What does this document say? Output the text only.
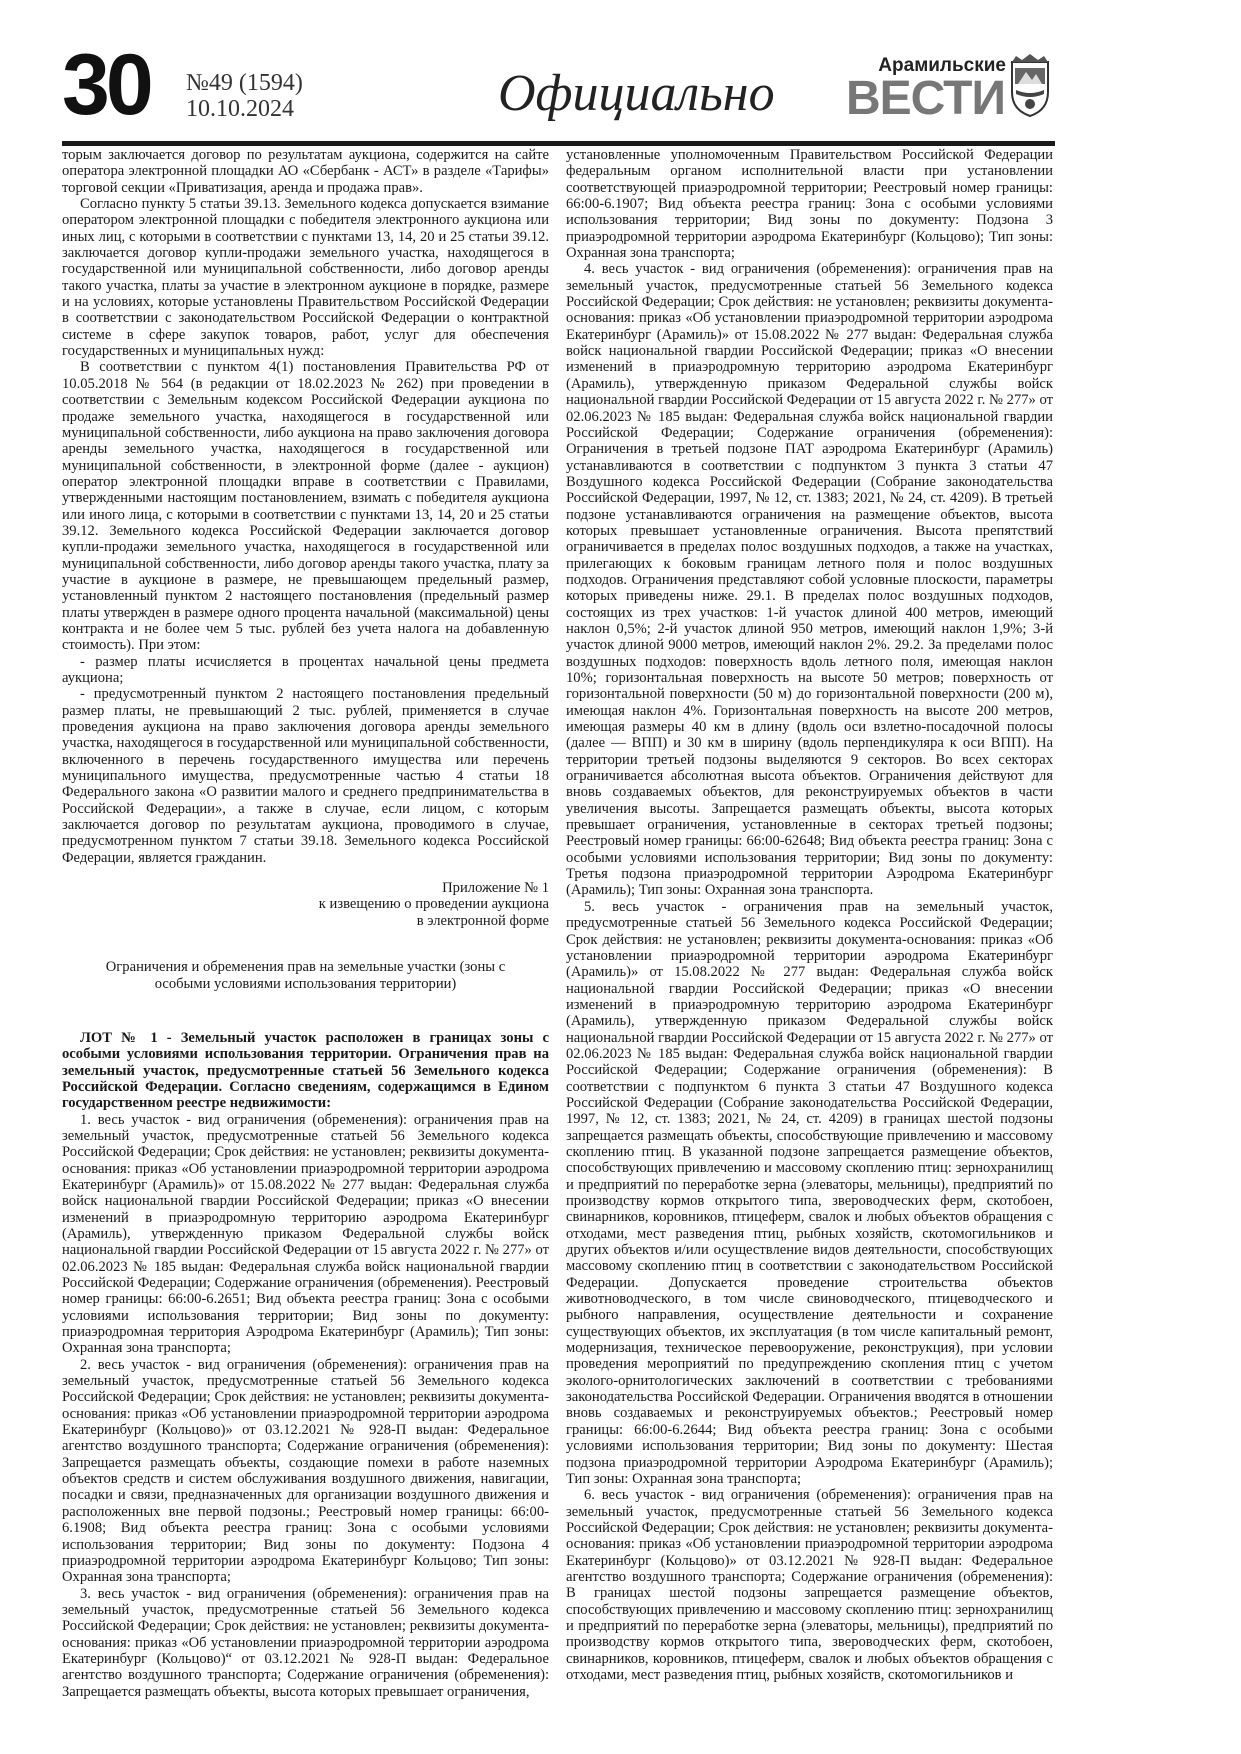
30 №49 (1594)
10.10.2024	Официально	Арамильские
ВЕСТИ

торым заключается договор по результатам аукциона, содержится на сайте оператора электронной площадки АО «Сбербанк - АСТ» в разделе «Тарифы» торговой секции «Приватизация, аренда и продажа прав».

Согласно пункту 5 статьи 39.13. Земельного кодекса допускается взимание оператором электронной площадки с победителя электронного аукциона или иных лиц, с которыми в соответствии с пунктами 13, 14, 20 и 25 статьи 39.12. заключается договор купли-продажи земельного участка, находящегося в государственной или муниципальной собственности, либо договор аренды такого участка, платы за участие в электронном аукционе в порядке, размере и на условиях, которые установлены Правительством Российской Федерации в соответствии с законодательством Российской Федерации о контрактной системе в сфере закупок товаров, работ, услуг для обеспечения государственных и муниципальных нужд:

В соответствии с пунктом 4(1) постановления Правительства РФ от 10.05.2018 № 564 (в редакции от 18.02.2023 № 262) при проведении в соответствии с Земельным кодексом Российской Федерации аукциона по продаже земельного участка, находящегося в государственной или муниципальной собственности, либо аукциона на право заключения договора аренды земельного участка, находящегося в государственной или муниципальной собственности, в электронной форме (далее - аукцион) оператор электронной площадки вправе в соответствии с Правилами, утвержденными настоящим постановлением, взимать с победителя аукциона или иного лица, с которыми в соответствии с пунктами 13, 14, 20 и 25 статьи 39.12. Земельного кодекса Российской Федерации заключается договор купли-продажи земельного участка, находящегося в государственной или муниципальной собственности, либо договор аренды такого участка, плату за участие в аукционе в размере, не превышающем предельный размер, установленный пунктом 2 настоящего постановления (предельный размер платы утвержден в размере одного процента начальной (максимальной) цены контракта и не более чем 5 тыс. рублей без учета налога на добавленную стоимость). При этом:

- размер платы исчисляется в процентах начальной цены предмета аукциона;

- предусмотренный пунктом 2 настоящего постановления предельный размер платы, не превышающий 2 тыс. рублей, применяется в случае проведения аукциона на право заключения договора аренды земельного участка, находящегося в государственной или муниципальной собственности, включенного в перечень государственного имущества или перечень муниципального имущества, предусмотренные частью 4 статьи 18 Федерального закона «О развитии малого и среднего предпринимательства в Российской Федерации», а также в случае, если лицом, с которым заключается договор по результатам аукциона, проводимого в случае, предусмотренном пунктом 7 статьи 39.18. Земельного кодекса Российской Федерации, является гражданин.

Приложение № 1
к извещению о проведении аукциона
в электронной форме

Ограничения и обременения прав на земельные участки (зоны с особыми условиями использования территории)

ЛОТ № 1 - Земельный участок расположен в границах зоны с особыми условиями использования территории. Ограничения прав на земельный участок, предусмотренные статьей 56 Земельного кодекса Российской Федерации. Согласно сведениям, содержащимся в Едином государственном реестре недвижимости:

1. весь участок - вид ограничения (обременения): ограничения прав на земельный участок, предусмотренные статьей 56 Земельного кодекса Российской Федерации; Срок действия: не установлен; реквизиты документа-основания: приказ «Об установлении приаэродромной территории аэродрома Екатеринбург (Арамиль)» от 15.08.2022 № 277 выдан: Федеральная служба войск национальной гвардии Российской Федерации; приказ «О внесении изменений в приаэродромную территорию аэродрома Екатеринбург (Арамиль), утвержденную приказом Федеральной службы войск национальной гвардии Российской Федерации от 15 августа 2022 г. № 277» от 02.06.2023 № 185 выдан: Федеральная служба войск национальной гвардии Российской Федерации; Содержание ограничения (обременения). Реестровый номер границы: 66:00-6.2651; Вид объекта реестра границ: Зона с особыми условиями использования территории; Вид зоны по документу: приаэродромная территория Аэродрома Екатеринбург (Арамиль); Тип зоны: Охранная зона транспорта;

2. весь участок - вид ограничения (обременения): ограничения прав на земельный участок, предусмотренные статьей 56 Земельного кодекса Российской Федерации; Срок действия: не установлен; реквизиты документа-основания: приказ «Об установлении приаэродромной территории аэродрома Екатеринбург (Кольцово)» от 03.12.2021 № 928-П выдан: Федеральное агентство воздушного транспорта; Содержание ограничения (обременения): Запрещается размещать объекты, создающие помехи в работе наземных объектов средств и систем обслуживания воздушного движения, навигации, посадки и связи, предназначенных для организации воздушного движения и расположенных вне первой подзоны.; Реестровый номер границы: 66:00-6.1908; Вид объекта реестра границ: Зона с особыми условиями использования территории; Вид зоны по документу: Подзона 4 приаэродромной территории аэродрома Екатеринбург Кольцово; Тип зоны: Охранная зона транспорта;

3. весь участок - вид ограничения (обременения): ограничения прав на земельный участок, предусмотренные статьей 56 Земельного кодекса Российской Федерации; Срок действия: не установлен; реквизиты документа-основания: приказ «Об установлении приаэродромной территории аэродрома Екатеринбург (Кольцово)“ от 03.12.2021 № 928-П выдан: Федеральное агентство воздушного транспорта; Содержание ограничения (обременения): Запрещается размещать объекты, высота которых превышает ограничения,

установленные уполномоченным Правительством Российской Федерации федеральным органом исполнительной власти при установлении соответствующей приаэродромной территории; Реестровый номер границы: 66:00-6.1907; Вид объекта реестра границ: Зона с особыми условиями использования территории; Вид зоны по документу: Подзона 3 приаэродромной территории аэродрома Екатеринбург (Кольцово); Тип зоны: Охранная зона транспорта;

4. весь участок - вид ограничения (обременения): ограничения прав на земельный участок, предусмотренные статьей 56 Земельного кодекса Российской Федерации; Срок действия: не установлен; реквизиты документа-основания: приказ «Об установлении приаэродромной территории аэродрома Екатеринбург (Арамиль)» от 15.08.2022 № 277 выдан: Федеральная служба войск национальной гвардии Российской Федерации; приказ «О внесении изменений в приаэродромную территорию аэродрома Екатеринбург (Арамиль), утвержденную приказом Федеральной службы войск национальной гвардии Российской Федерации от 15 августа 2022 г. № 277» от 02.06.2023 № 185 выдан: Федеральная служба войск национальной гвардии Российской Федерации; Содержание ограничения (обременения): Ограничения в третьей подзоне ПАТ аэродрома Екатеринбург (Арамиль) устанавливаются в соответствии с подпунктом 3 пункта 3 статьи 47 Воздушного кодекса Российской Федерации (Собрание законодательства Российской Федерации, 1997, № 12, ст. 1383; 2021, № 24, ст. 4209). В третьей подзоне устанавливаются ограничения на размещение объектов, высота которых превышает установленные ограничения. Высота препятствий ограничивается в пределах полос воздушных подходов, а также на участках, прилегающих к боковым границам летного поля и полос воздушных подходов. Ограничения представляют собой условные плоскости, параметры которых приведены ниже. 29.1. В пределах полос воздушных подходов, состоящих из трех участков: 1-й участок длиной 400 метров, имеющий наклон 0,5%; 2-й участок длиной 950 метров, имеющий наклон 1,9%; 3-й участок длиной 9000 метров, имеющий наклон 2%. 29.2. За пределами полос воздушных подходов: поверхность вдоль летного поля, имеющая наклон 10%; горизонтальная поверхность на высоте 50 метров; поверхность от горизонтальной поверхности (50 м) до горизонтальной поверхности (200 м), имеющая наклон 4%. Горизонтальная поверхность на высоте 200 метров, имеющая размеры 40 км в длину (вдоль оси взлетно-посадочной полосы (далее — ВПП) и 30 км в ширину (вдоль перпендикуляра к оси ВПП). На территории третьей подзоны выделяются 9 секторов. Во всех секторах ограничивается абсолютная высота объектов. Ограничения действуют для вновь создаваемых объектов, для реконструируемых объектов в части увеличения высоты. Запрещается размещать объекты, высота которых превышает ограничения, установленные в секторах третьей подзоны; Реестровый номер границы: 66:00-62648; Вид объекта реестра границ: Зона с особыми условиями использования территории; Вид зоны по документу: Третья подзона приаэродромной территории Аэродрома Екатеринбург (Арамиль); Тип зоны: Охранная зона транспорта.

5. весь участок - ограничения прав на земельный участок, предусмотренные статьей 56 Земельного кодекса Российской Федерации; Срок действия: не установлен; реквизиты документа-основания: приказ «Об установлении приаэродромной территории аэродрома Екатеринбург (Арамиль)» от 15.08.2022 № 277 выдан: Федеральная служба войск национальной гвардии Российской Федерации; приказ «О внесении изменений в приаэродромную территорию аэродрома Екатеринбург (Арамиль), утвержденную приказом Федеральной службы войск национальной гвардии Российской Федерации от 15 августа 2022 г. № 277» от 02.06.2023 № 185 выдан: Федеральная служба войск национальной гвардии Российской Федерации; Содержание ограничения (обременения): В соответствии с подпунктом 6 пункта 3 статьи 47 Воздушного кодекса Российской Федерации (Собрание законодательства Российской Федерации, 1997, № 12, ст. 1383; 2021, № 24, ст. 4209) в границах шестой подзоны запрещается размещать объекты, способствующие привлечению и массовому скоплению птиц. В указанной подзоне запрещается размещение объектов, способствующих привлечению и массовому скоплению птиц: зернохранилищ и предприятий по переработке зерна (элеваторы, мельницы), предприятий по производству кормов открытого типа, звероводческих ферм, скотобоен, свинарников, коровников, птицеферм, свалок и любых объектов обращения с отходами, мест разведения птиц, рыбных хозяйств, скотомогильников и других объектов и/или осуществление видов деятельности, способствующих массовому скоплению птиц в соответствии с законодательством Российской Федерации. Допускается проведение строительства объектов животноводческого, в том числе свиноводческого, птицеводческого и рыбного направления, осуществление деятельности и сохранение существующих объектов, их эксплуатация (в том числе капитальный ремонт, модернизация, техническое перевооружение, реконструкция), при условии проведения мероприятий по предупреждению скопления птиц с учетом эколого-орнитологических заключений в соответствии с требованиями законодательства Российской Федерации. Ограничения вводятся в отношении вновь создаваемых и реконструируемых объектов.; Реестровый номер границы: 66:00-6.2644; Вид объекта реестра границ: Зона с особыми условиями использования территории; Вид зоны по документу: Шестая подзона приаэродромной территории Аэродрома Екатеринбург (Арамиль); Тип зоны: Охранная зона транспорта;

6. весь участок - вид ограничения (обременения): ограничения прав на земельный участок, предусмотренные статьей 56 Земельного кодекса Российской Федерации; Срок действия: не установлен; реквизиты документа-основания: приказ «Об установлении приаэродромной территории аэродрома Екатеринбург (Кольцово)» от 03.12.2021 № 928-П выдан: Федеральное агентство воздушного транспорта; Содержание ограничения (обременения): В границах шестой подзоны запрещается размещение объектов, способствующих привлечению и массовому скоплению птиц: зернохранилищ и предприятий по переработке зерна (элеваторы, мельницы), предприятий по производству кормов открытого типа, звероводческих ферм, скотобоен, свинарников, коровников, птицеферм, свалок и любых объектов обращения с отходами, мест разведения птиц, рыбных хозяйств, скотомогильников и
